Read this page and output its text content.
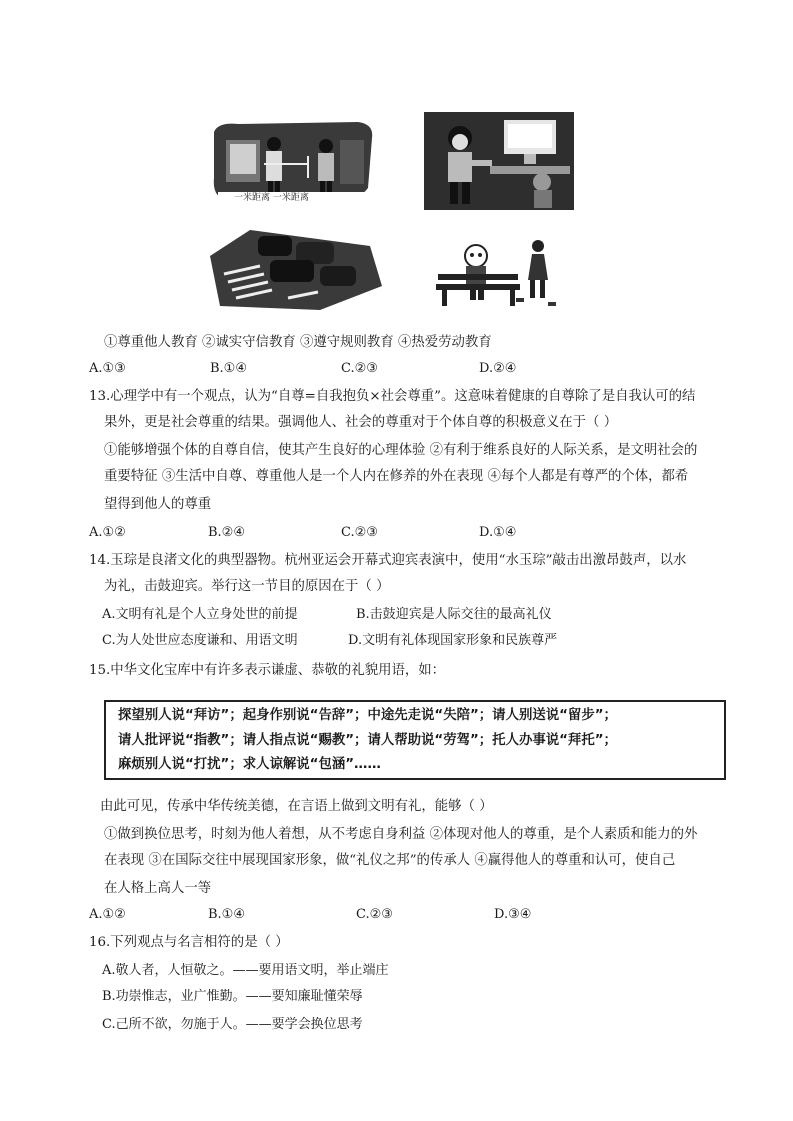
一米距离 一米距离
①尊重他人教育 ②诚实守信教育 ③遵守规则教育 ④热爱劳动教育
A.①③	B.①④	C.②③	D.②④
13.心理学中有一个观点，认为“自尊=自我抱负×社会尊重”。这意味着健康的自尊除了是自我认可的结
果外，更是社会尊重的结果。强调他人、社会的尊重对于个体自尊的积极意义在于（ ）
①能够增强个体的自尊自信，使其产生良好的心理体验 ②有利于维系良好的人际关系，是文明社会的
重要特征 ③生活中自尊、尊重他人是一个人内在修养的外在表现 ④每个人都是有尊严的个体，都希
望得到他人的尊重
A.①②	B.②④	C.②③	D.①④
14.玉琮是良渚文化的典型器物。杭州亚运会开幕式迎宾表演中，使用“水玉琮”敲击出激昂鼓声，以水
为礼，击鼓迎宾。举行这一节目的原因在于（ ）
A.文明有礼是个人立身处世的前提	B.击鼓迎宾是人际交往的最高礼仪
C.为人处世应态度谦和、用语文明	D.文明有礼体现国家形象和民族尊严
15.中华文化宝库中有许多表示谦虚、恭敬的礼貌用语，如：
探望别人说“拜访”；起身作别说“告辞”；中途先走说“失陪”；请人别送说“留步”；
请人批评说“指教”；请人指点说“赐教”；请人帮助说“劳驾”；托人办事说“拜托”；
麻烦别人说“打扰”；求人谅解说“包涵”……
由此可见，传承中华传统美德，在言语上做到文明有礼，能够（ ）
①做到换位思考，时刻为他人着想，从不考虑自身利益 ②体现对他人的尊重，是个人素质和能力的外
在表现 ③在国际交往中展现国家形象，做“礼仪之邦”的传承人 ④赢得他人的尊重和认可，使自己
在人格上高人一等
A.①②	B.①④	C.②③	D.③④
16.下列观点与名言相符的是（ ）
A.敬人者，人恒敬之。——要用语文明，举止端庄
B.功崇惟志，业广惟勤。——要知廉耻懂荣辱
C.己所不欲，勿施于人。——要学会换位思考
